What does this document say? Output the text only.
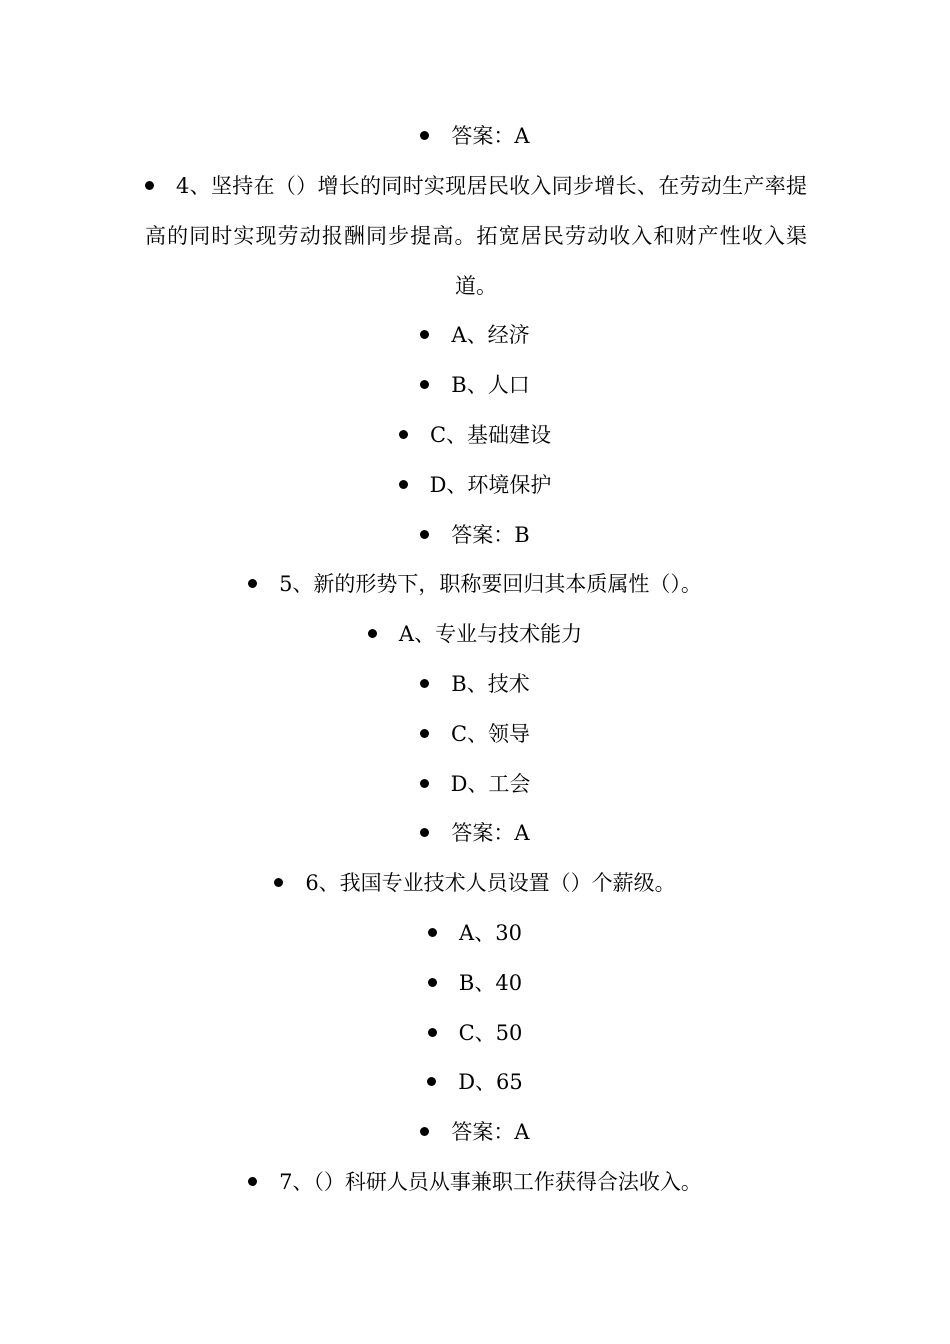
答案：A
4、坚持在（）增长的同时实现居民收入同步增长、在劳动生产率提高的同时实现劳动报酬同步提高。拓宽居民劳动收入和财产性收入渠道。
A、经济
B、人口
C、基础建设
D、环境保护
答案：B
5、新的形势下，职称要回归其本质属性（）。
A、专业与技术能力
B、技术
C、领导
D、工会
答案：A
6、我国专业技术人员设置（）个薪级。
A、30
B、40
C、50
D、65
答案：A
7、（）科研人员从事兼职工作获得合法收入。
